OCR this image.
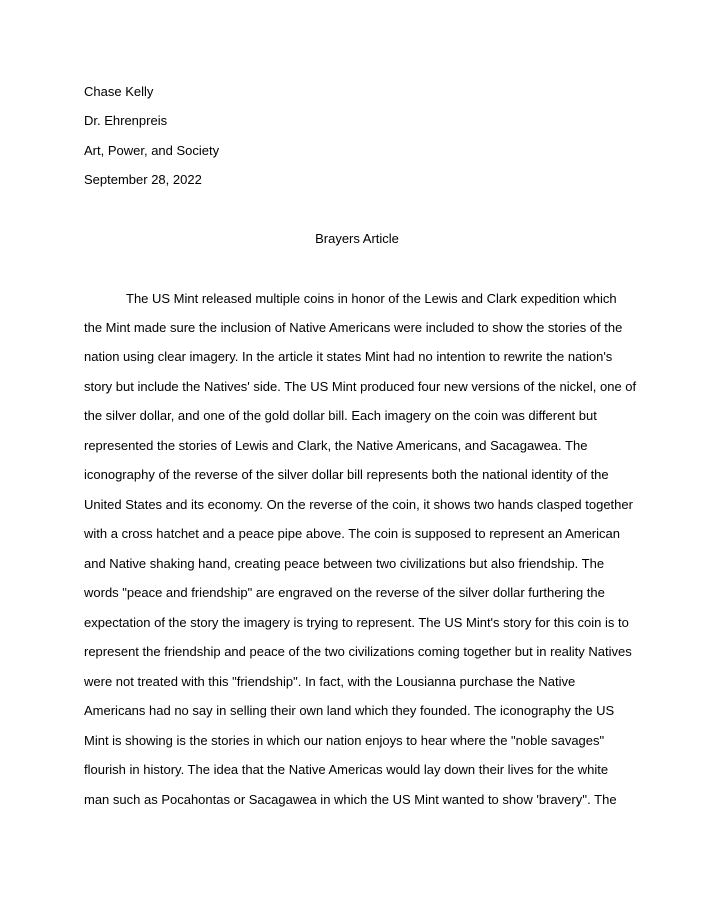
Chase Kelly
Dr. Ehrenpreis
Art, Power, and Society
September 28, 2022
Brayers Article
The US Mint released multiple coins in honor of the Lewis and Clark expedition which
the Mint made sure the inclusion of Native Americans were included to show the stories of the
nation using clear imagery. In the article it states Mint had no intention to rewrite the nation's
story but include the Natives' side. The US Mint produced four new versions of the nickel, one of
the silver dollar, and one of the gold dollar bill. Each imagery on the coin was different but
represented the stories of Lewis and Clark, the Native Americans, and Sacagawea. The
iconography of the reverse of the silver dollar bill represents both the national identity of the
United States and its economy. On the reverse of the coin, it shows two hands clasped together
with a cross hatchet and a peace pipe above. The coin is supposed to represent an American
and Native shaking hand, creating peace between two civilizations but also friendship. The
words "peace and friendship" are engraved on the reverse of the silver dollar furthering the
expectation of the story the imagery is trying to represent. The US Mint's story for this coin is to
represent the friendship and peace of the two civilizations coming together but in reality Natives
were not treated with this "friendship". In fact, with the Lousianna purchase the Native
Americans had no say in selling their own land which they founded. The iconography the US
Mint is showing is the stories in which our nation enjoys to hear where the "noble savages"
flourish in history. The idea that the Native Americas would lay down their lives for the white
man such as Pocahontas or Sacagawea in which the US Mint wanted to show 'bravery''. The
